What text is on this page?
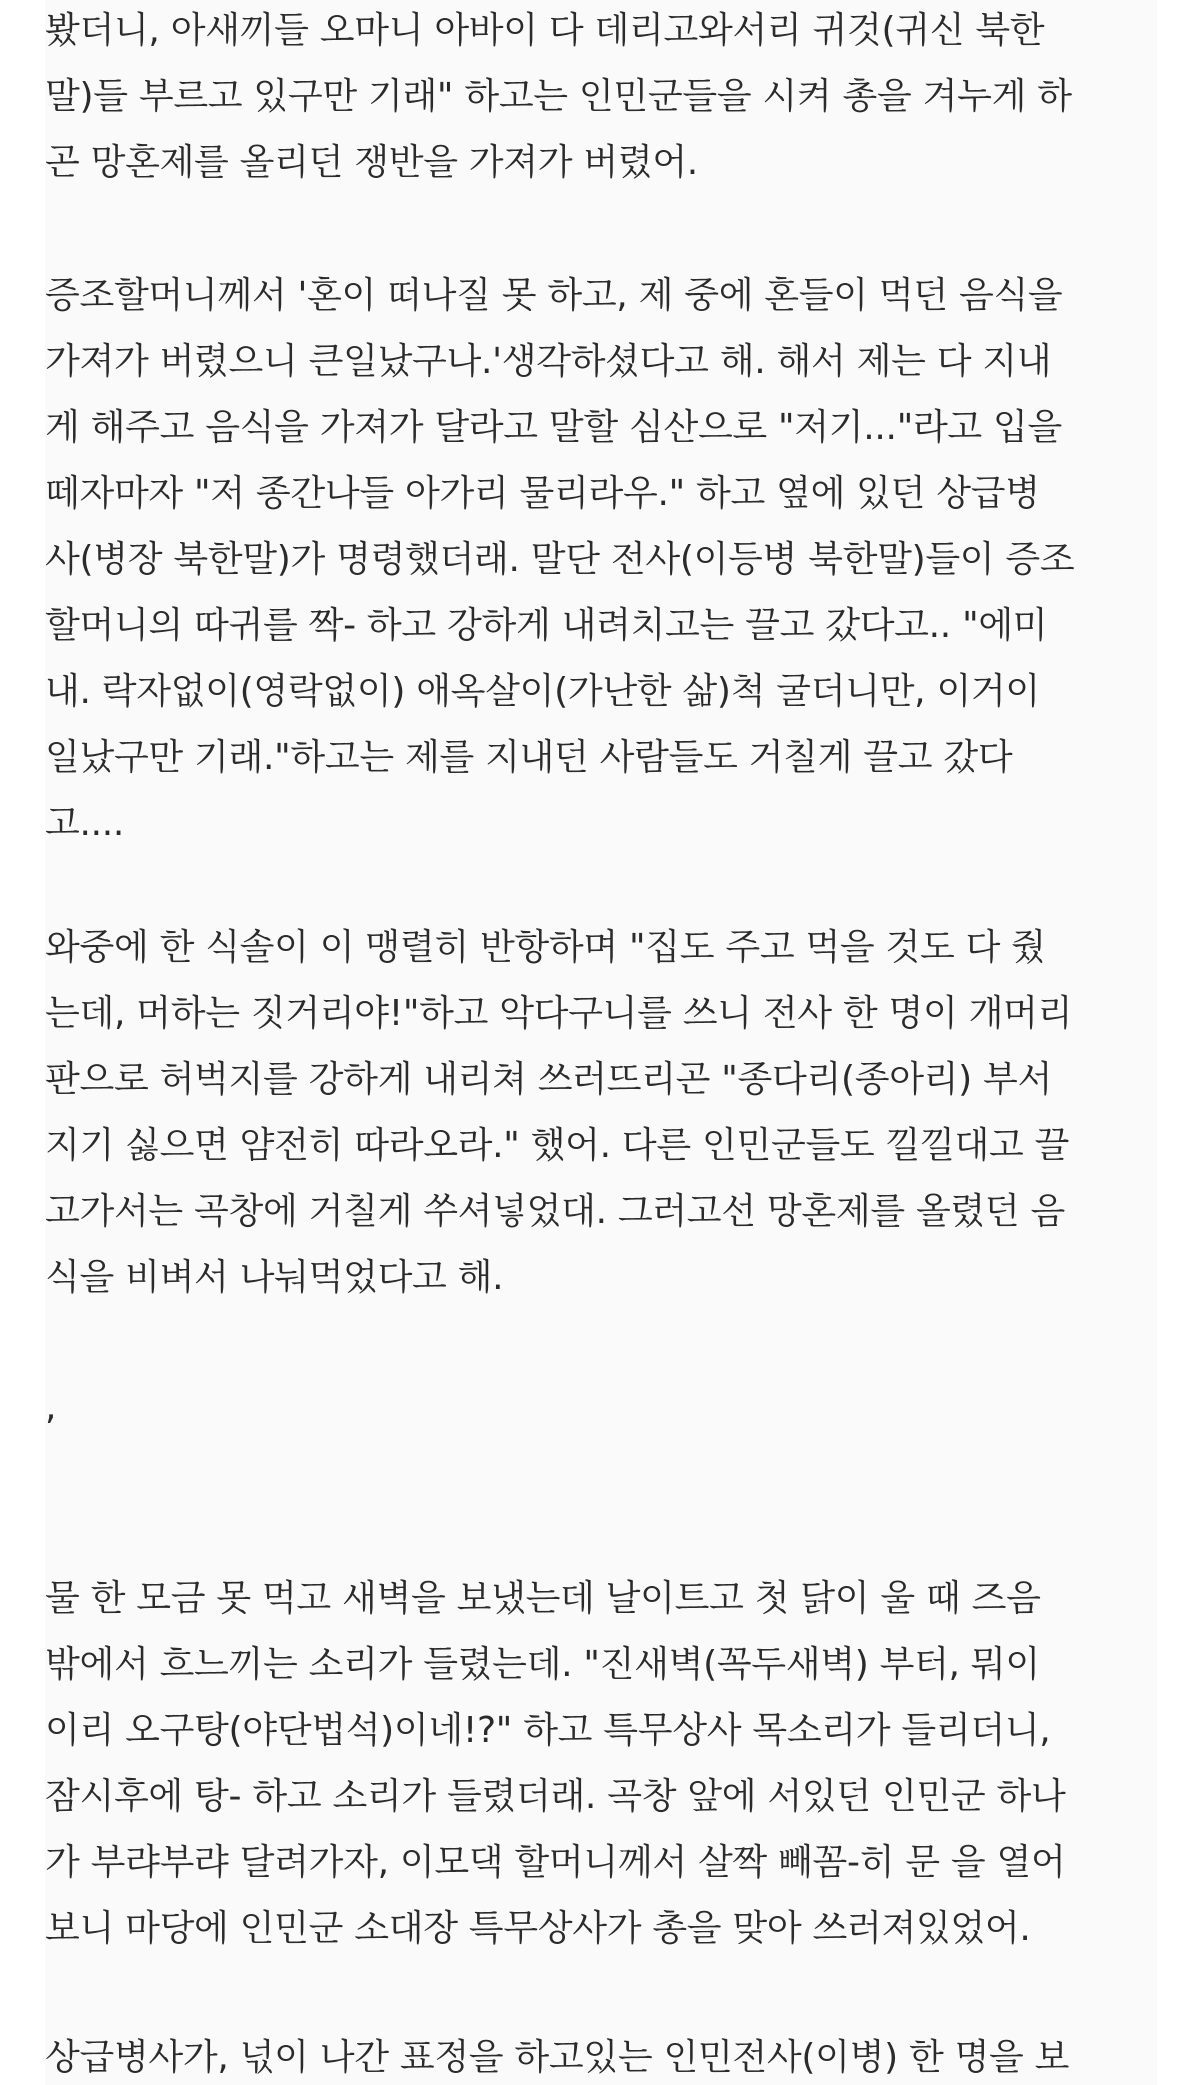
봤더니, 아새끼들 오마니 아바이 다 데리고와서리 귀것(귀신 북한
말)들 부르고 있구만 기래" 하고는 인민군들을 시켜 총을 겨누게 하
곤 망혼제를 올리던 쟁반을 가져가 버렸어.

증조할머니께서 '혼이 떠나질 못 하고, 제 중에 혼들이 먹던 음식을
가져가 버렸으니 큰일났구나.'생각하셨다고 해. 해서 제는 다 지내
게 해주고 음식을 가져가 달라고 말할 심산으로 "저기..."라고 입을
떼자마자 "저 종간나들 아가리 물리라우." 하고 옆에 있던 상급병
사(병장 북한말)가 명령했더래. 말단 전사(이등병 북한말)들이 증조
할머니의 따귀를 짝- 하고 강하게 내려치고는 끌고 갔다고.. "에미
내. 락자없이(영락없이) 애옥살이(가난한 삶)척 굴더니만, 이거이
일났구만 기래."하고는 제를 지내던 사람들도 거칠게 끌고 갔다
고....

와중에 한 식솔이 이 맹렬히 반항하며 "집도 주고 먹을 것도 다 줬
는데, 머하는 짓거리야!"하고 악다구니를 쓰니 전사 한 명이 개머리
판으로 허벅지를 강하게 내리쳐 쓰러뜨리곤 "종다리(종아리) 부서
지기 싫으면 얌전히 따라오라." 했어. 다른 인민군들도 낄낄대고 끌
고가서는 곡창에 거칠게 쑤셔넣었대. 그러고선 망혼제를 올렸던 음
식을 비벼서 나눠먹었다고 해.

,

물 한 모금 못 먹고 새벽을 보냈는데 날이트고 첫 닭이 울 때 즈음
밖에서 흐느끼는 소리가 들렸는데. "진새벽(꼭두새벽) 부터, 뭐이
이리 오구탕(야단법석)이네!?" 하고 특무상사 목소리가 들리더니,
잠시후에 탕- 하고 소리가 들렸더래. 곡창 앞에 서있던 인민군 하나
가 부랴부랴 달려가자, 이모댁 할머니께서 살짝 빼꼼-히 문 을 열어
보니 마당에 인민군 소대장 특무상사가 총을 맞아 쓰러져있었어.

상급병사가, 넋이 나간 표정을 하고있는 인민전사(이병) 한 명을 보
